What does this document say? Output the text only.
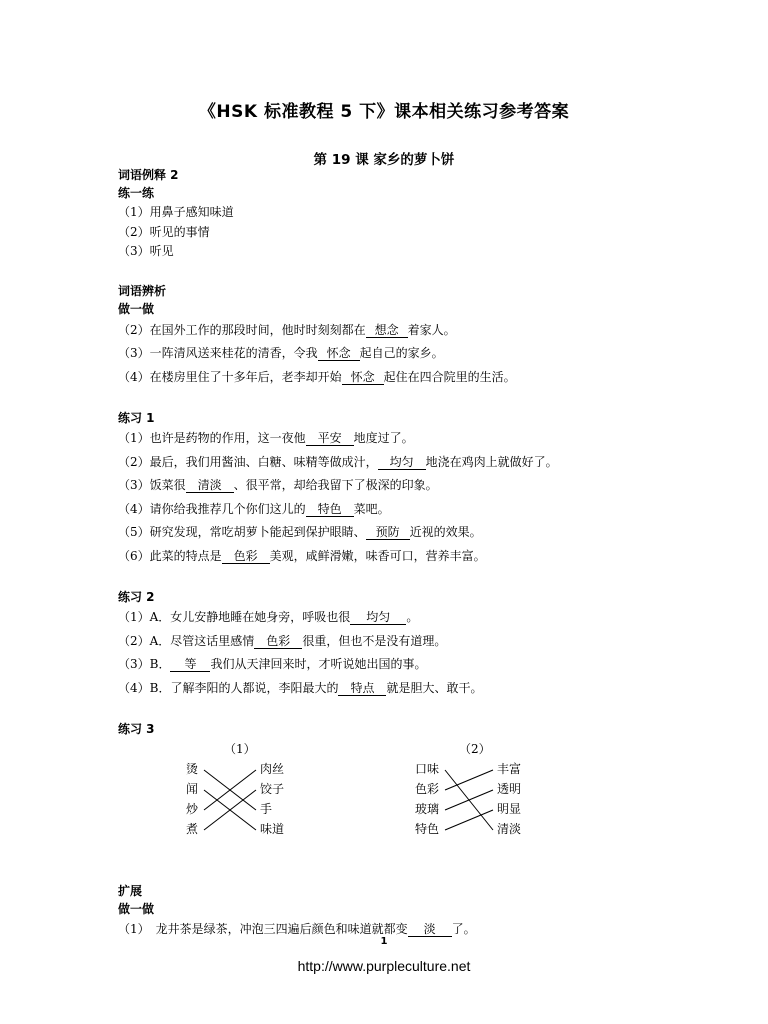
《HSK 标准教程 5 下》课本相关练习参考答案
第 19 课 家乡的萝卜饼
词语例释 2
练一练
（1）用鼻子感知味道
（2）听见的事情
（3）听见
词语辨析
做一做
（2）在国外工作的那段时间，他时时刻刻都在 想念 着家人。
（3）一阵清风送来桂花的清香，令我 怀念 起自己的家乡。
（4）在楼房里住了十多年后，老李却开始 怀念 起住在四合院里的生活。
练习 1
（1）也许是药物的作用，这一夜他 平安 地度过了。
（2）最后，我们用酱油、白糖、味精等做成汁， 均匀 地浇在鸡肉上就做好了。
（3）饭菜很 清淡 、很平常，却给我留下了极深的印象。
（4）请你给我推荐几个你们这儿的 特色 菜吧。
（5）研究发现，常吃胡萝卜能起到保护眼睛、 预防 近视的效果。
（6）此菜的特点是 色彩 美观，咸鲜滑嫩，味香可口，营养丰富。
练习 2
（1）A．女儿安静地睡在她身旁，呼吸也很 均匀 。
（2）A．尽管这话里感情 色彩 很重，但也不是没有道理。
（3）B． 等 我们从天津回来时，才听说她出国的事。
（4）B．了解李阳的人都说，李阳最大的 特点 就是胆大、敢干。
练习 3
（1）
烫
闻
炒
煮
肉丝
饺子
手
味道
（2）
口味
色彩
玻璃
特色
丰富
透明
明显
清淡
扩展
做一做
（1）　龙井茶是绿茶，冲泡三四遍后颜色和味道就都变 淡 了。
1
http://www.purpleculture.net
